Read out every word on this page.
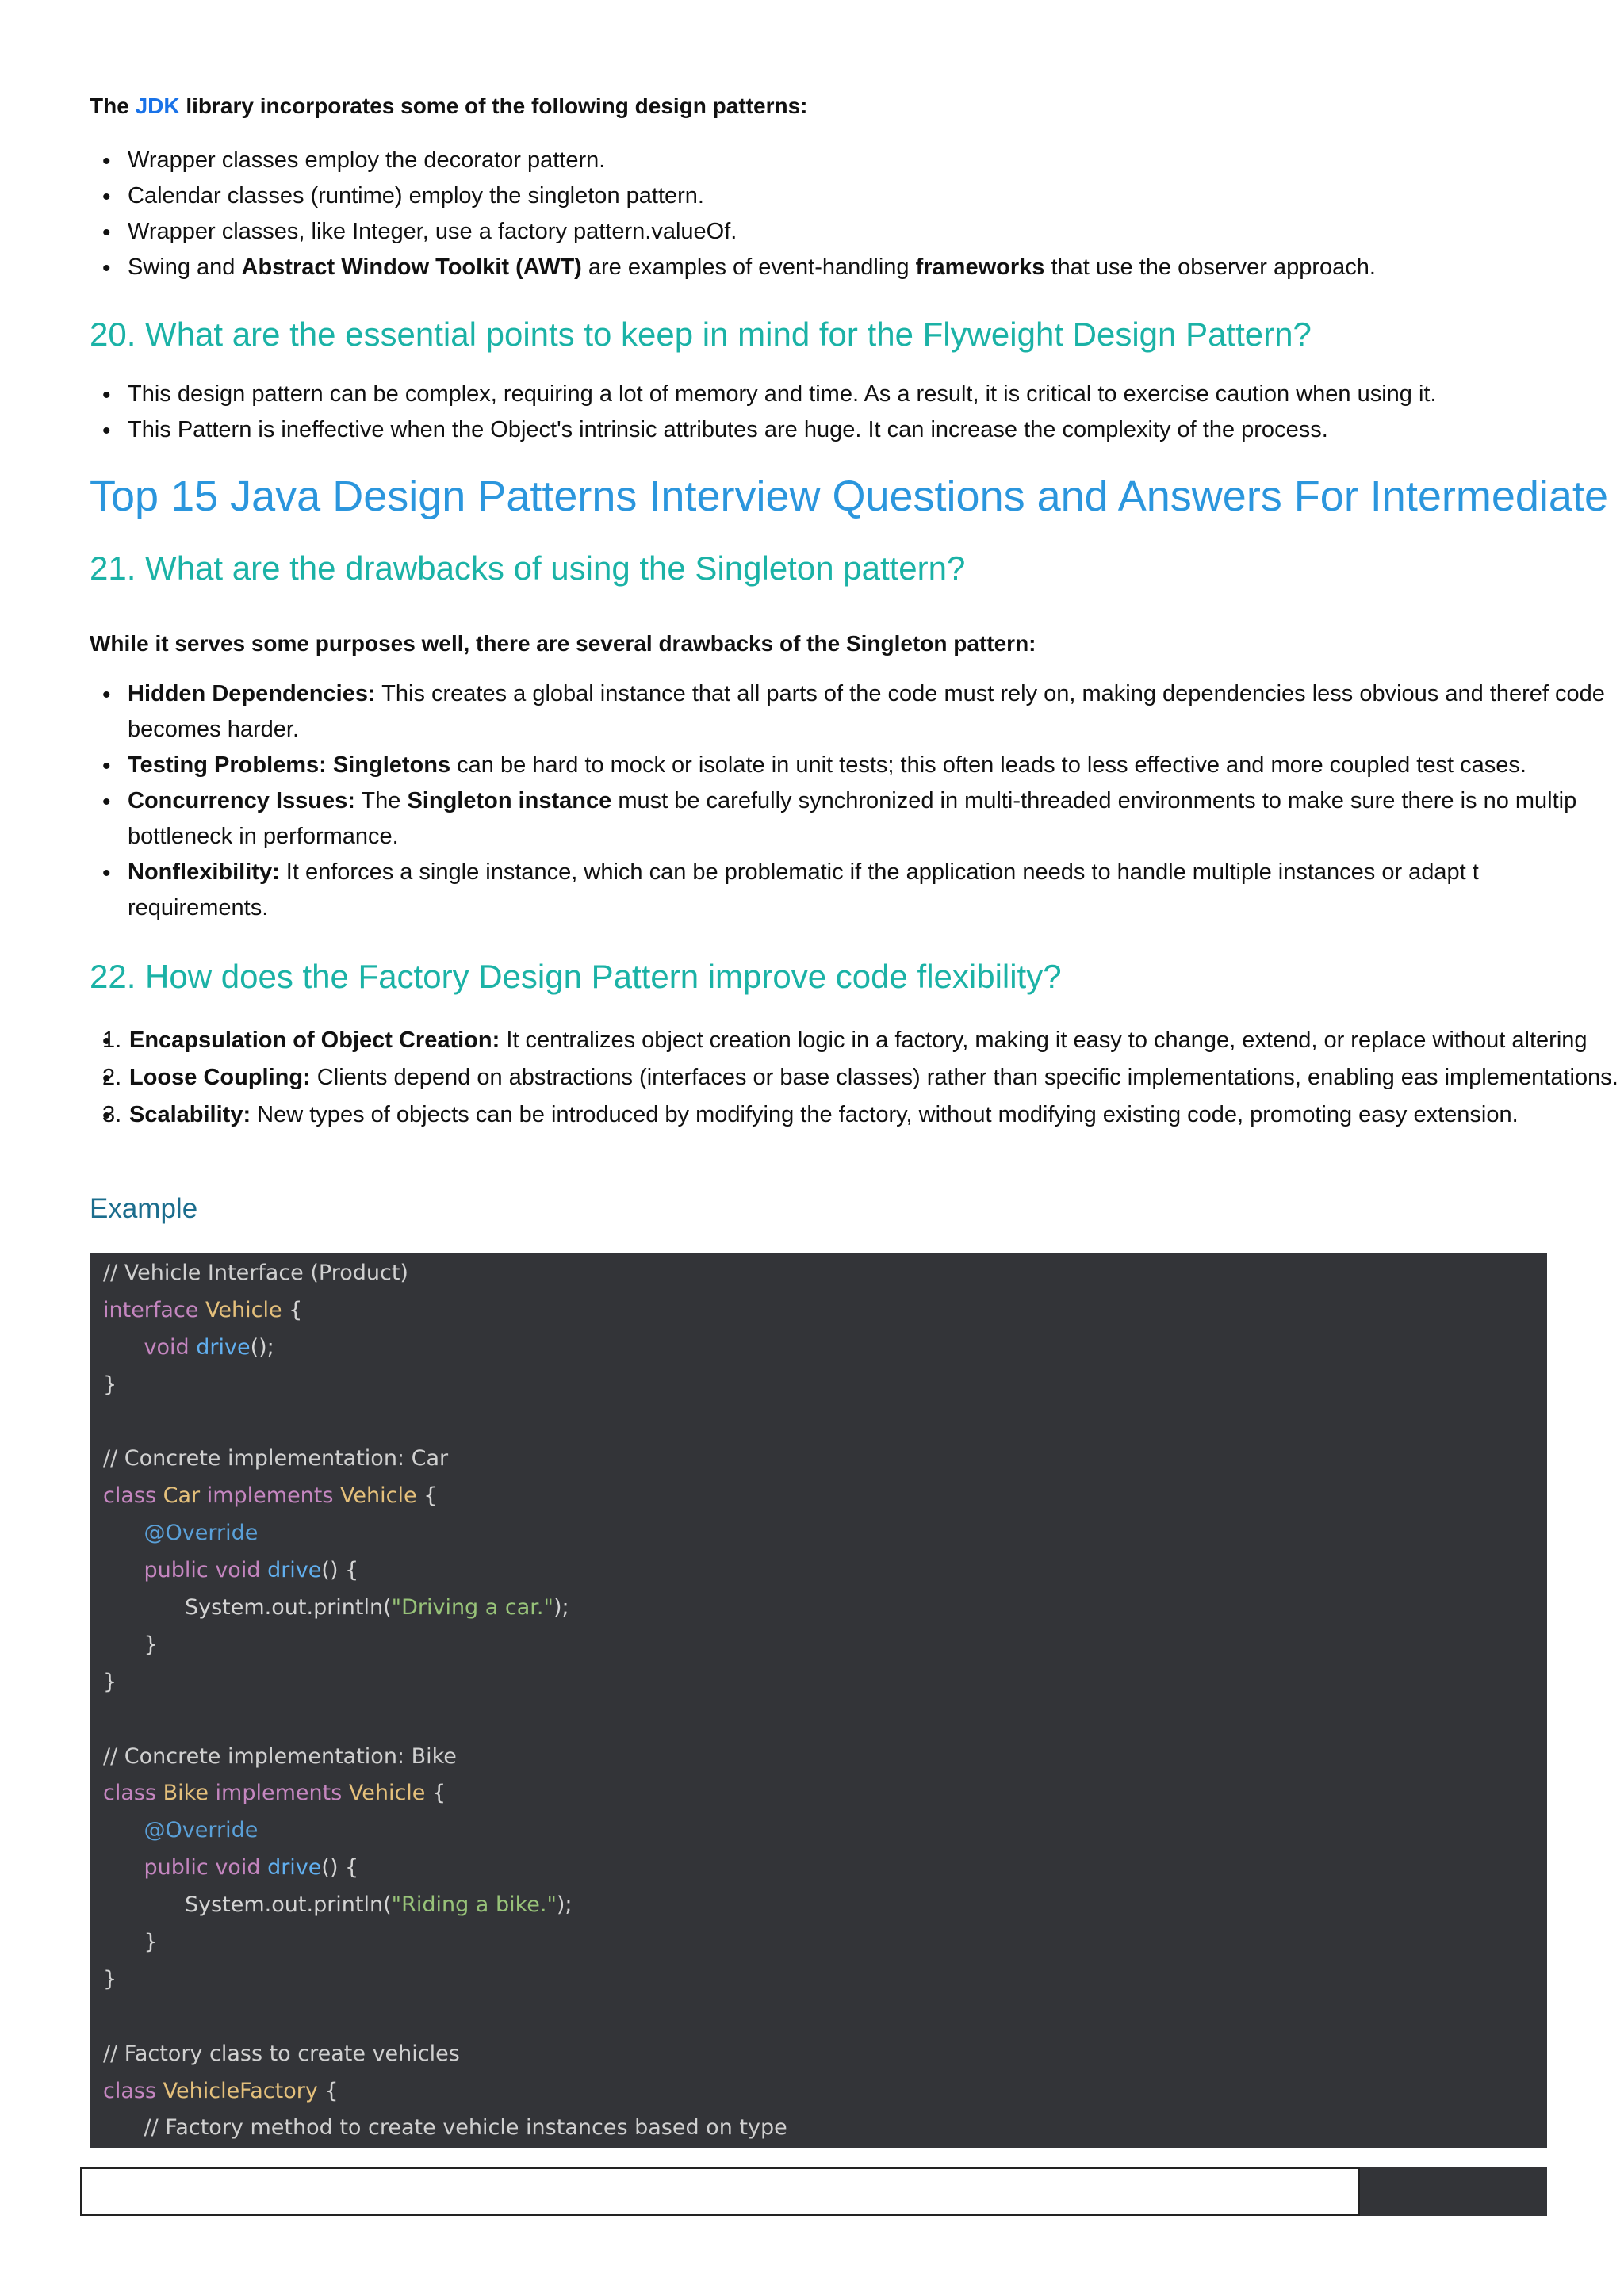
The JDK library incorporates some of the following design patterns:

• Wrapper classes employ the decorator pattern.
• Calendar classes (runtime) employ the singleton pattern.
• Wrapper classes, like Integer, use a factory pattern.valueOf.
• Swing and Abstract Window Toolkit (AWT) are examples of event-handling frameworks that use the observer approach.
20. What are the essential points to keep in mind for the Flyweight Design Pattern?
• This design pattern can be complex, requiring a lot of memory and time. As a result, it is critical to exercise caution when using it.
• This Pattern is ineffective when the Object's intrinsic attributes are huge. It can increase the complexity of the process.
Top 15 Java Design Patterns Interview Questions and Answers For Intermediate
21. What are the drawbacks of using the Singleton pattern?

While it serves some purposes well, there are several drawbacks of the Singleton pattern:

• Hidden Dependencies: This creates a global instance that all parts of the code must rely on, making dependencies less obvious and theref code becomes harder.
• Testing Problems: Singletons can be hard to mock or isolate in unit tests; this often leads to less effective and more coupled test cases.
• Concurrency Issues: The Singleton instance must be carefully synchronized in multi-threaded environments to make sure there is no multip bottleneck in performance.
• Nonflexibility: It enforces a single instance, which can be problematic if the application needs to handle multiple instances or adapt t requirements.
22. How does the Factory Design Pattern improve code flexibility?
• 1. Encapsulation of Object Creation: It centralizes object creation logic in a factory, making it easy to change, extend, or replace without altering
• 2. Loose Coupling: Clients depend on abstractions (interfaces or base classes) rather than specific implementations, enabling eas implementations.
• 3. Scalability: New types of objects can be introduced by modifying the factory, without modifying existing code, promoting easy extension.
Example
// Vehicle Interface (Product)
interface Vehicle {
void drive();
}

// Concrete implementation: Car
class Car implements Vehicle {
@Override
public void drive() {
System.out.println("Driving a car.");
}
}

// Concrete implementation: Bike
class Bike implements Vehicle {
@Override
public void drive() {
System.out.println("Riding a bike.");
}
}

// Factory class to create vehicles
class VehicleFactory {
// Factory method to create vehicle instances based on type
